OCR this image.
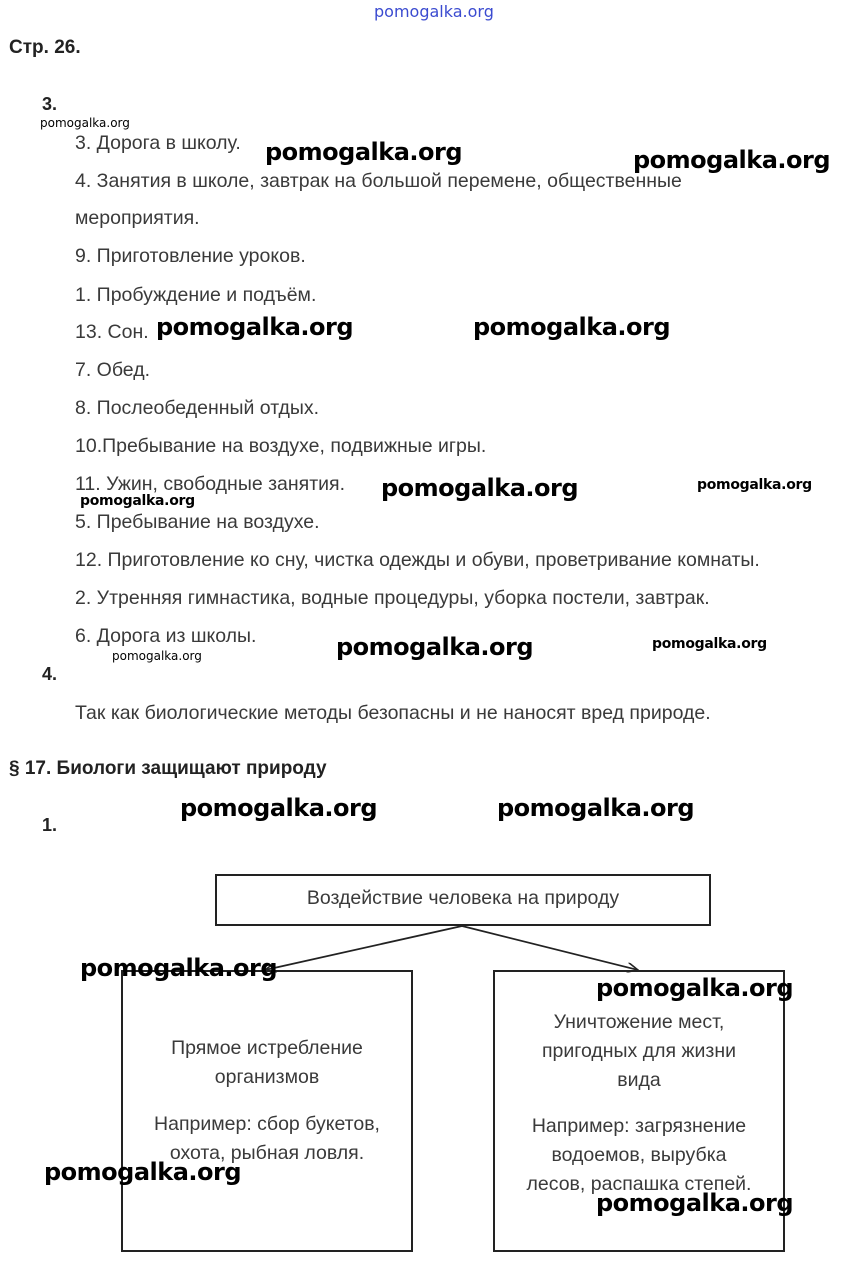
pomogalka.org
Стр. 26.
3.
3. Дорога в школу.
4. Занятия в школе, завтрак на большой перемене, общественные
мероприятия.
9. Приготовление уроков.
1. Пробуждение и подъём.
13. Сон.
7. Обед.
8. Послеобеденный отдых.
10.Пребывание на воздухе, подвижные игры.
11. Ужин, свободные занятия.
5. Пребывание на воздухе.
12. Приготовление ко сну, чистка одежды и обуви, проветривание комнаты.
2. Утренняя гимнастика, водные процедуры, уборка постели, завтрак.
6. Дорога из школы.
4.
Так как биологические методы безопасны и не наносят вред природе.
§ 17. Биологи защищают природу
1.
Воздействие человека на природу
Прямое истребление
организмов
Например: сбор букетов,
охота, рыбная ловля.
Уничтожение мест,
пригодных для жизни
вида
Например: загрязнение
водоемов, вырубка
лесов, распашка степей.
pomogalka.org
pomogalka.org	pomogalka.org
pomogalka.org	pomogalka.org
pomogalka.org	pomogalka.org
pomogalka.org
pomogalka.org	pomogalka.org
pomogalka.org
pomogalka.org	pomogalka.org
pomogalka.org
pomogalka.org
pomogalka.org
pomogalka.org
